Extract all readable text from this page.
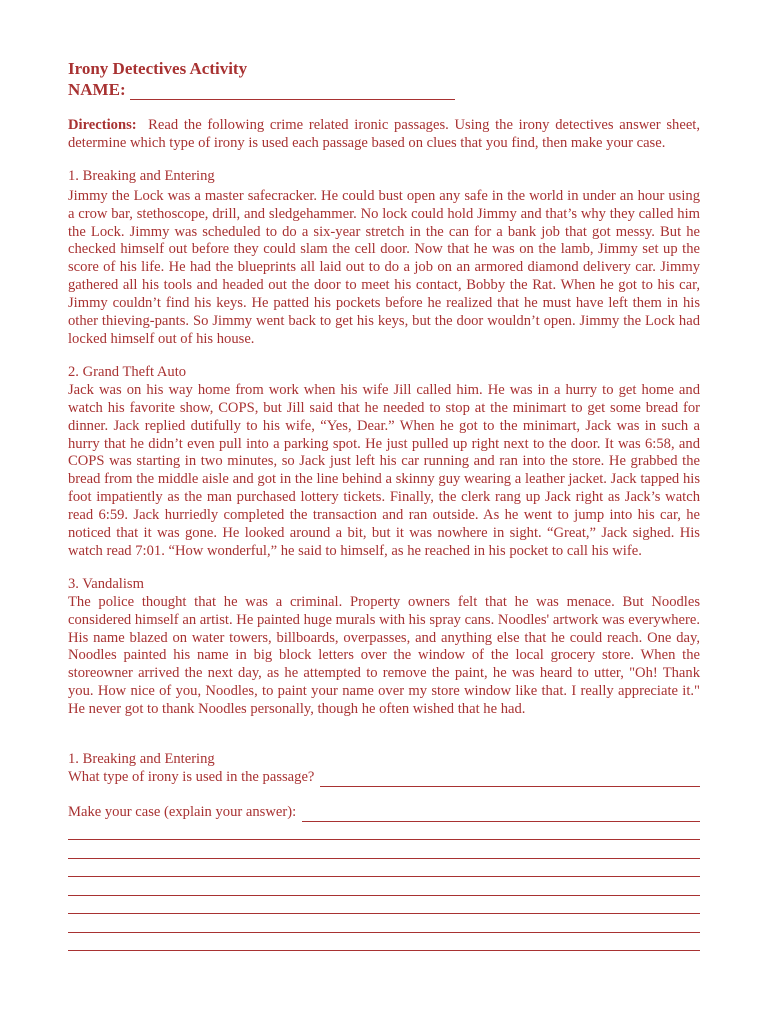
Irony Detectives Activity

NAME:

Directions: Read the following crime related ironic passages. Using the irony detectives answer sheet, determine which type of irony is used each passage based on clues that you find, then make your case.

1. Breaking and Entering

Jimmy the Lock was a master safecracker. He could bust open any safe in the world in under an hour using a crow bar, stethoscope, drill, and sledgehammer. No lock could hold Jimmy and that’s why they called him the Lock. Jimmy was scheduled to do a six-year stretch in the can for a bank job that got messy. But he checked himself out before they could slam the cell door. Now that he was on the lamb, Jimmy set up the score of his life. He had the blueprints all laid out to do a job on an armored diamond delivery car. Jimmy gathered all his tools and headed out the door to meet his contact, Bobby the Rat. When he got to his car, Jimmy couldn’t find his keys. He patted his pockets before he realized that he must have left them in his other thieving-pants. So Jimmy went back to get his keys, but the door wouldn’t open. Jimmy the Lock had locked himself out of his house.

2. Grand Theft Auto

Jack was on his way home from work when his wife Jill called him. He was in a hurry to get home and watch his favorite show, COPS, but Jill said that he needed to stop at the minimart to get some bread for dinner. Jack replied dutifully to his wife, “Yes, Dear.” When he got to the minimart, Jack was in such a hurry that he didn’t even pull into a parking spot. He just pulled up right next to the door. It was 6:58, and COPS was starting in two minutes, so Jack just left his car running and ran into the store. He grabbed the bread from the middle aisle and got in the line behind a skinny guy wearing a leather jacket. Jack tapped his foot impatiently as the man purchased lottery tickets. Finally, the clerk rang up Jack right as Jack’s watch read 6:59. Jack hurriedly completed the transaction and ran outside. As he went to jump into his car, he noticed that it was gone. He looked around a bit, but it was nowhere in sight. “Great,” Jack sighed. His watch read 7:01. “How wonderful,” he said to himself, as he reached in his pocket to call his wife.

3. Vandalism

The police thought that he was a criminal. Property owners felt that he was menace. But Noodles considered himself an artist. He painted huge murals with his spray cans. Noodles' artwork was everywhere. His name blazed on water towers, billboards, overpasses, and anything else that he could reach. One day, Noodles painted his name in big block letters over the window of the local grocery store. When the storeowner arrived the next day, as he attempted to remove the paint, he was heard to utter, "Oh! Thank you. How nice of you, Noodles, to paint your name over my store window like that. I really appreciate it." He never got to thank Noodles personally, though he often wished that he had.

1. Breaking and Entering
What type of irony is used in the passage?
Make your case (explain your answer):
